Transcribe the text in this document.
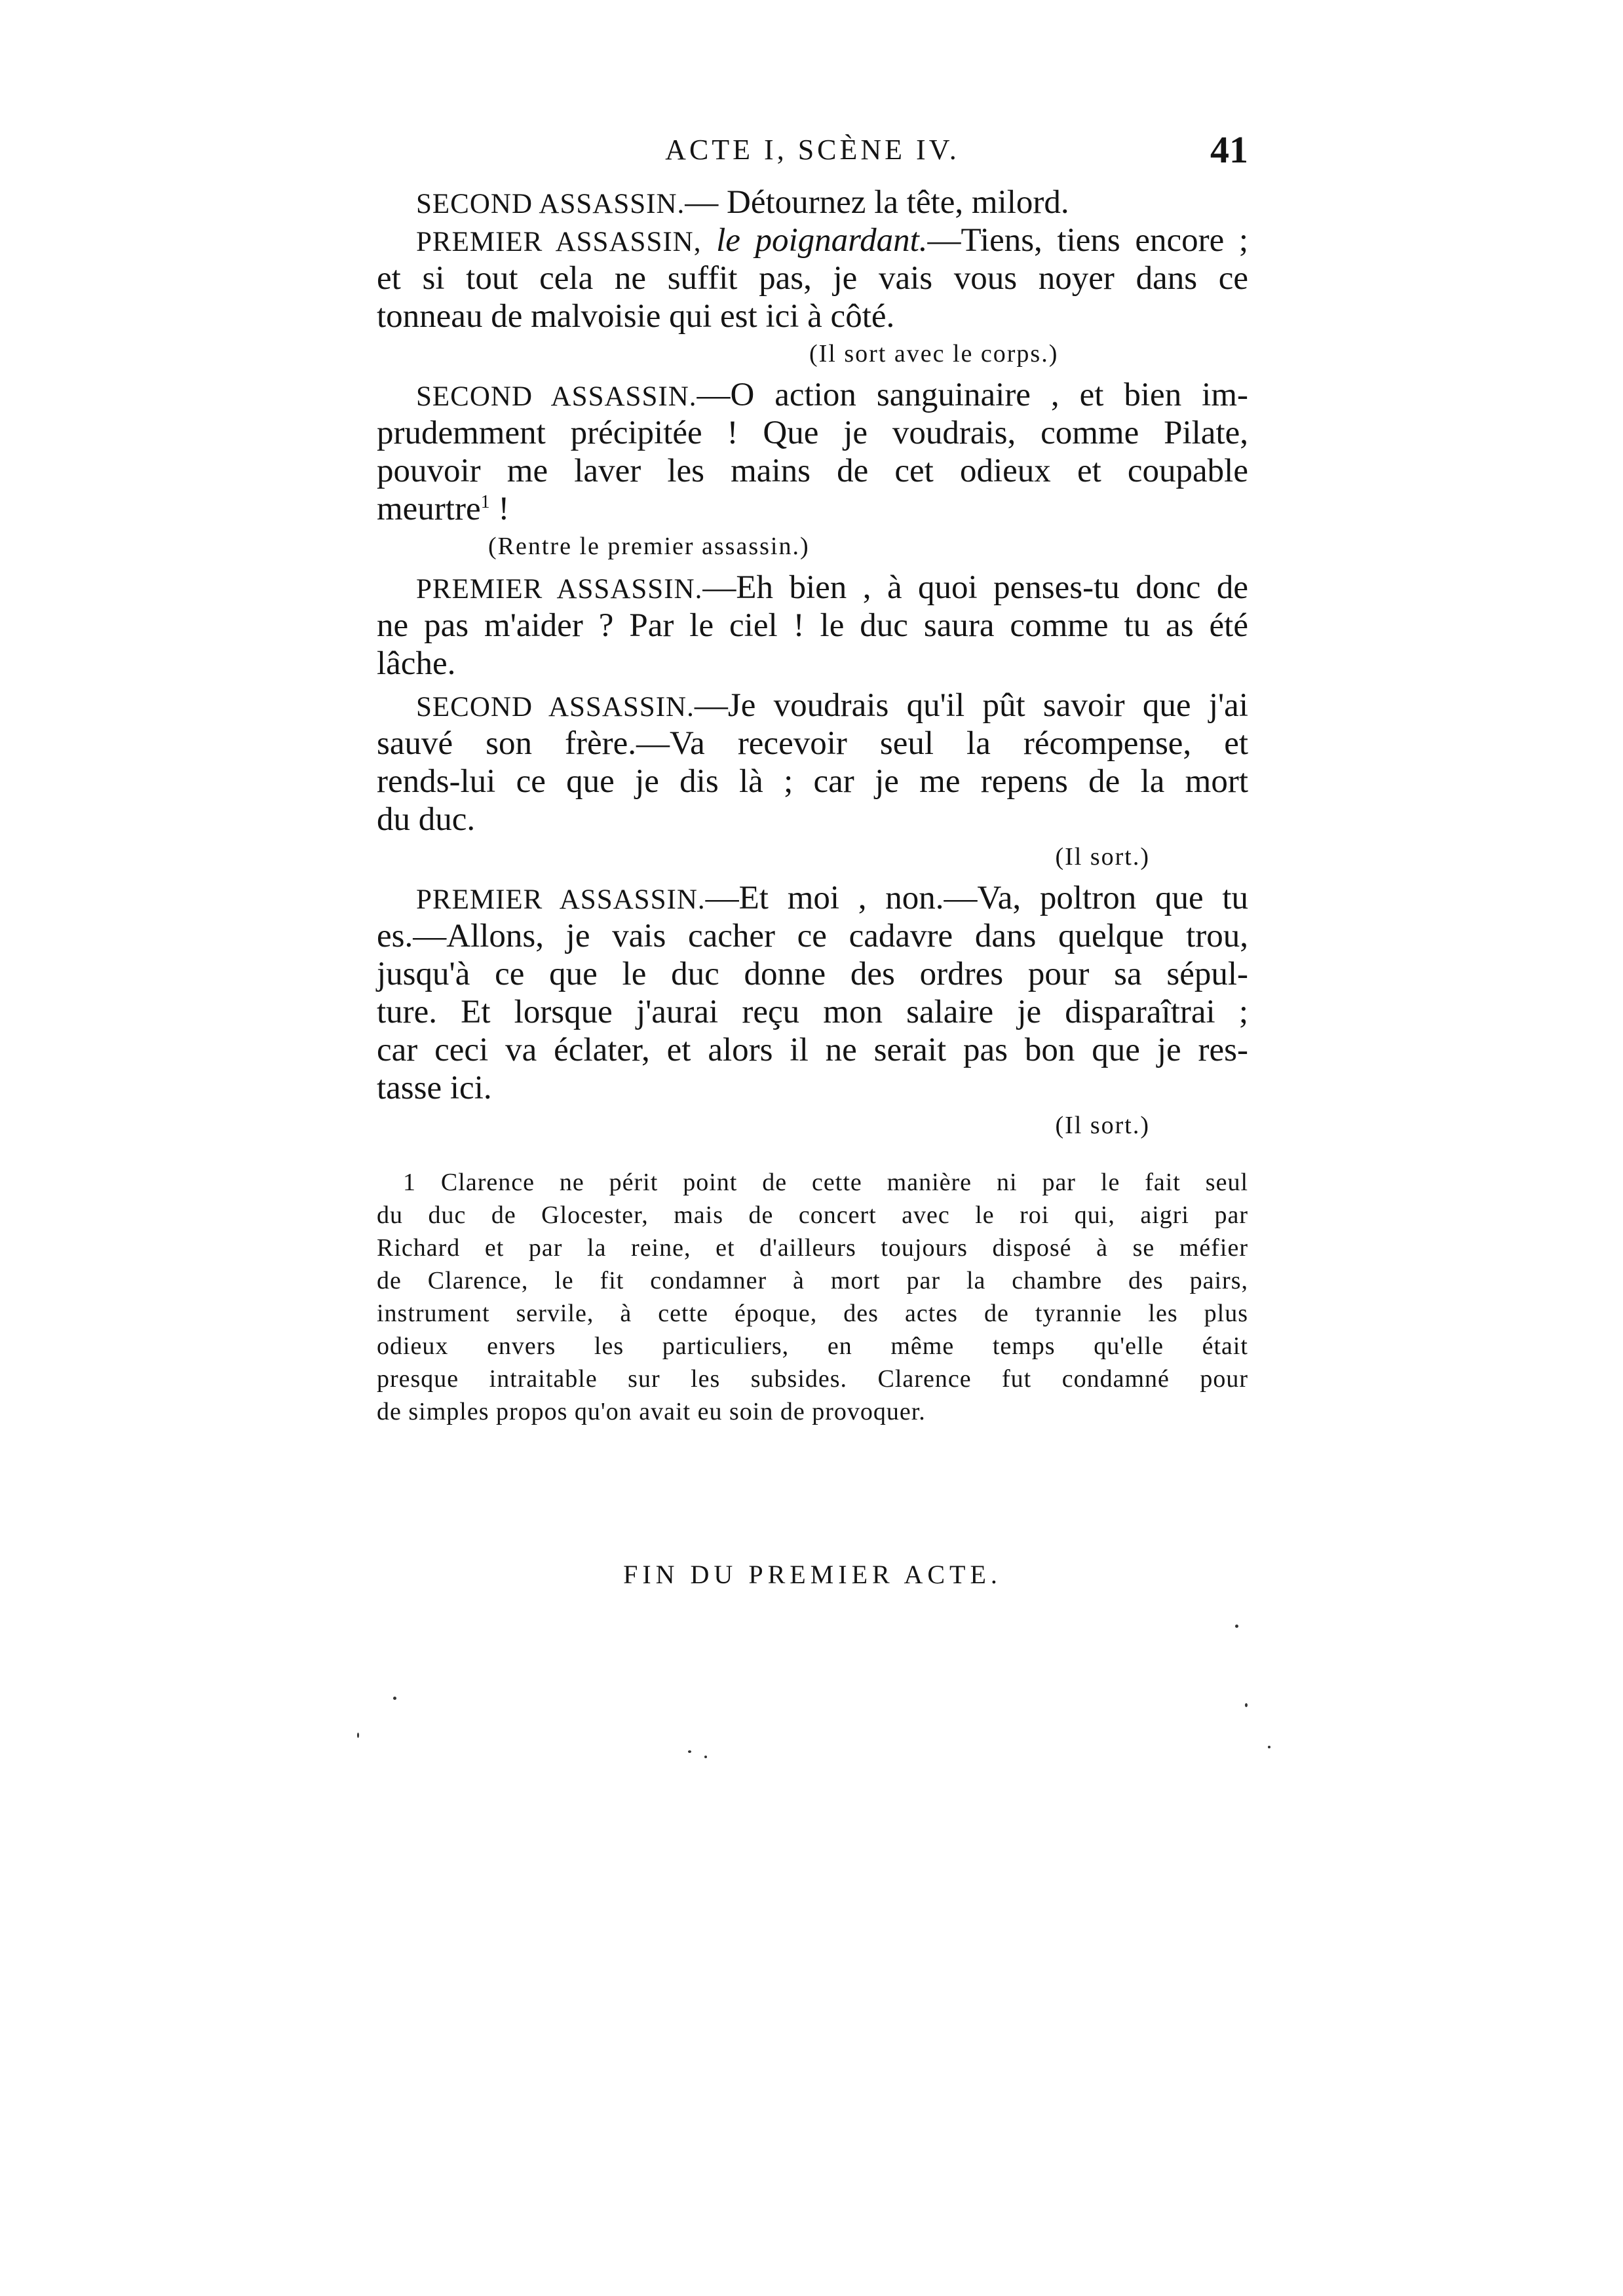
ACTE I, SCÈNE IV.	41
SECOND ASSASSIN.— Détournez la tête, milord.
PREMIER ASSASSIN, le poignardant.—Tiens, tiens encore ;
et si tout cela ne suffit pas, je vais vous noyer dans ce
tonneau de malvoisie qui est ici à côté.
(Il sort avec le corps.)
SECOND ASSASSIN.—O action sanguinaire , et bien im-
prudemment précipitée ! Que je voudrais, comme Pilate,
pouvoir me laver les mains de cet odieux et coupable
meurtre$^1$ !
(Rentre le premier assassin.)
PREMIER ASSASSIN.—Eh bien , à quoi penses-tu donc de
ne pas m'aider ? Par le ciel ! le duc saura comme tu as été
lâche.
SECOND ASSASSIN.—Je voudrais qu'il pût savoir que j'ai
sauvé son frère.—Va recevoir seul la récompense, et
rends-lui ce que je dis là ; car je me repens de la mort
du duc.
(Il sort.)
PREMIER ASSASSIN.—Et moi , non.—Va, poltron que tu
es.—Allons, je vais cacher ce cadavre dans quelque trou,
jusqu'à ce que le duc donne des ordres pour sa sépul-
ture. Et lorsque j'aurai reçu mon salaire je disparaîtrai ;
car ceci va éclater, et alors il ne serait pas bon que je res-
tasse ici.
(Il sort.)
1 Clarence ne périt point de cette manière ni par le fait seul
du duc de Glocester, mais de concert avec le roi qui, aigri par
Richard et par la reine, et d'ailleurs toujours disposé à se méfier
de Clarence, le fit condamner à mort par la chambre des pairs,
instrument servile, à cette époque, des actes de tyrannie les plus
odieux envers les particuliers, en même temps qu'elle était
presque intraitable sur les subsides. Clarence fut condamné pour
de simples propos qu'on avait eu soin de provoquer.
FIN DU PREMIER ACTE.
